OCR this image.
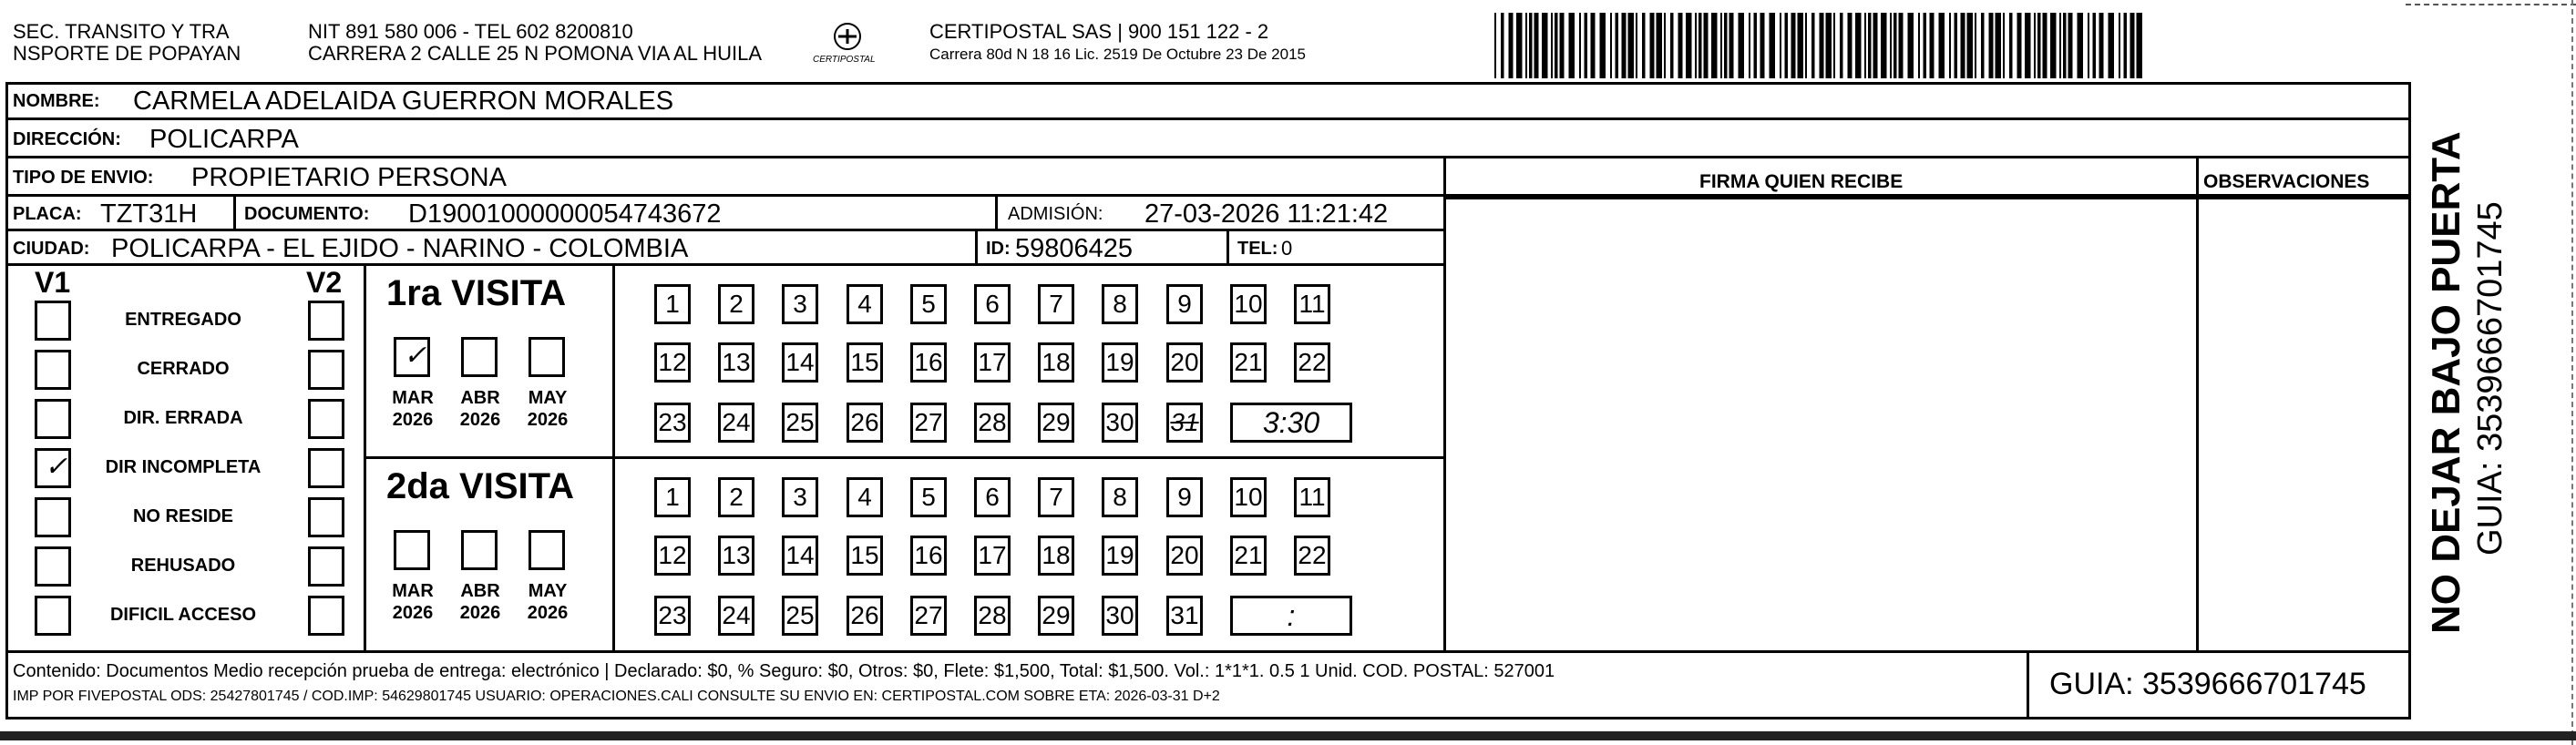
SEC. TRANSITO Y TRA
NSPORTE DE POPAYAN
NIT 891 580 006 - TEL 602 8200810
CARRERA 2 CALLE 25 N POMONA VIA AL HUILA	CERTIPOSTAL
CERTIPOSTAL SAS | 900 151 122 - 2
Carrera 80d N 18 16 Lic. 2519 De Octubre 23 De 2015
NOMBRE: CARMELA ADELAIDA GUERRON MORALES
DIRECCIÓN: POLICARPA
TIPO DE ENVIO: PROPIETARIO PERSONA	FIRMA QUIEN RECIBE	OBSERVACIONES
PLACA: TZT31H	DOCUMENTO: D19001000000054743672	ADMISIÓN: 27-03-2026 11:21:42
CIUDAD: POLICARPA - EL EJIDO - NARINO - COLOMBIA	ID: 59806425	TEL: 0
V1	V2
ENTREGADO
CERRADO
DIR. ERRADA
✓	DIR INCOMPLETA
NO RESIDE
REHUSADO
DIFICIL ACCESO
1ra VISITA
✓
MAR
2026
ABR
2026
MAY
2026
1	2	3	4	5	6	7	8	9	10 11
12 13 14 15 16 17 18 19 20 21 22
23 24 25 26 27 28 29 30 31	3:30
2da VISITA
MAR
2026
ABR
2026
MAY
2026
1	2	3	4	5	6	7	8	9	10 11
12 13 14 15 16 17 18 19 20 21 22
23 24 25 26 27 28 29 30 31	:
Contenido: Documentos Medio recepción prueba de entrega: electrónico | Declarado: $0, % Seguro: $0, Otros: $0, Flete: $1,500, Total: $1,500. Vol.: 1*1*1. 0.5 1 Unid. COD. POSTAL: 527001
IMP POR FIVEPOSTAL ODS: 25427801745 / COD.IMP: 54629801745 USUARIO: OPERACIONES.CALI CONSULTE SU ENVIO EN: CERTIPOSTAL.COM SOBRE ETA: 2026-03-31 D+2	GUIA: 3539666701745
NO DEJAR BAJO PUERTA GUIA: 3539666701745
